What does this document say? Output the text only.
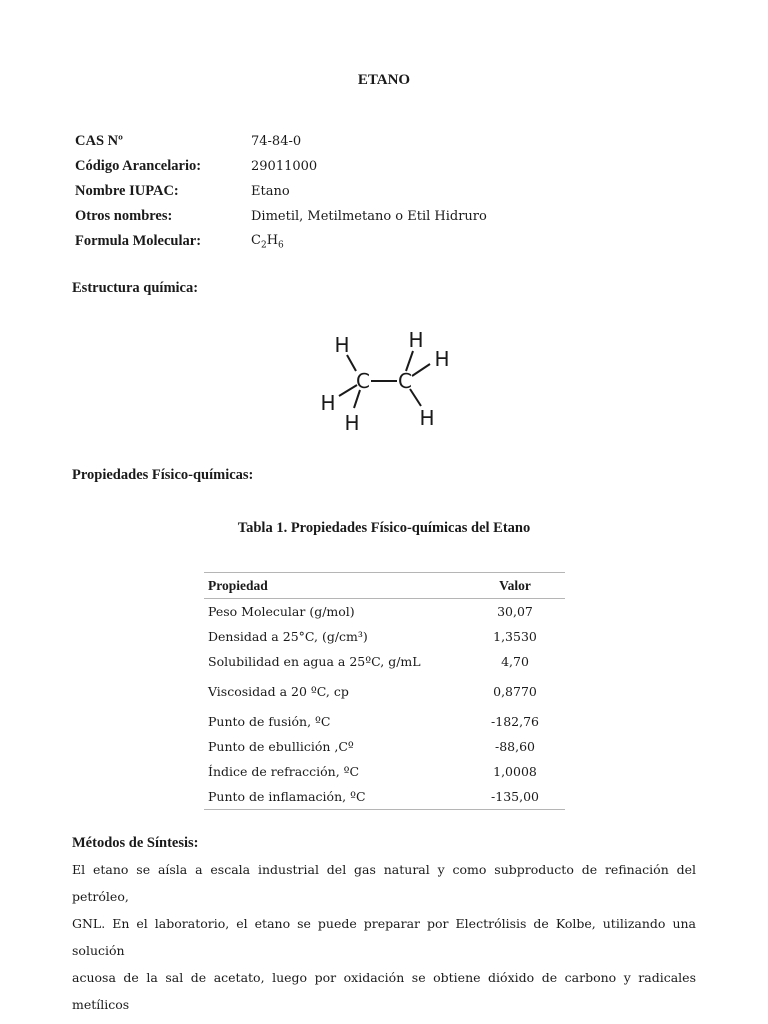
ETANO
CAS Nº	74-84-0
Código Arancelario:	29011000
Nombre IUPAC:	Etano
Otros nombres:	Dimetil, Metilmetano o Etil Hidruro
Formula Molecular:	$C_2H_6$
Estructura química:
H	H
H
H
H	H
C C
Propiedades Físico-químicas:
Tabla 1. Propiedades Físico-químicas del Etano
Propiedad	Valor
Peso Molecular (g/mol)	30,07
Densidad a 25°C, (g/cm³)	1,3530
Solubilidad en agua a 25ºC, g/mL	4,70
Viscosidad a 20 ºC, cp	0,8770
Punto de fusión, ºC	-182,76
Punto de ebullición ,Cº	-88,60
Índice de refracción, ºC	1,0008
Punto de inflamación, ºC	-135,00
Métodos de Síntesis:
El etano se aísla a escala industrial del gas natural y como subproducto de refinación del petróleo,
GNL. En el laboratorio, el etano se puede preparar por Electrólisis de Kolbe, utilizando una solución
acuosa de la sal de acetato, luego por oxidación se obtiene dióxido de carbono y radicales metílicos
